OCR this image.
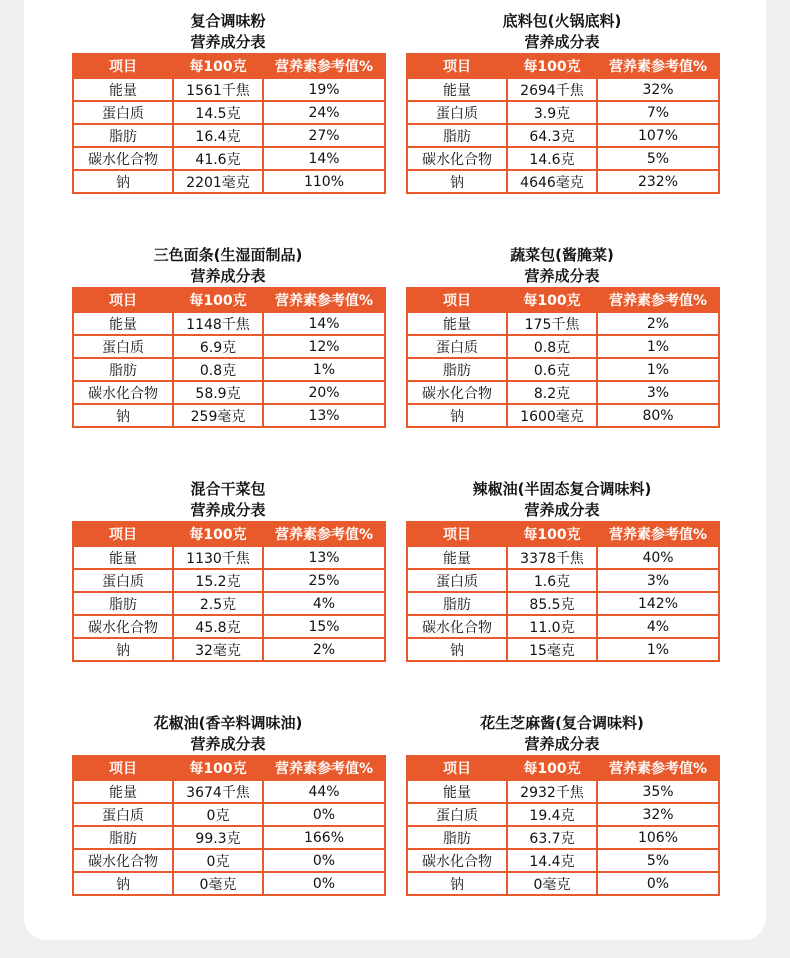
复合调味粉
营养成分表
项目	每100克	营养素参考值%
能量	1561千焦	19%
蛋白质	14.5克	24%
脂肪	16.4克	27%
碳水化合物	41.6克	14%
钠	2201毫克	110%
底料包(火锅底料)
营养成分表
项目	每100克	营养素参考值%
能量	2694千焦	32%
蛋白质	3.9克	7%
脂肪	64.3克	107%
碳水化合物	14.6克	5%
钠	4646毫克	232%
三色面条(生湿面制品)
营养成分表
项目	每100克	营养素参考值%
能量	1148千焦	14%
蛋白质	6.9克	12%
脂肪	0.8克	1%
碳水化合物	58.9克	20%
钠	259毫克	13%
蔬菜包(酱腌菜)
营养成分表
项目	每100克	营养素参考值%
能量	175千焦	2%
蛋白质	0.8克	1%
脂肪	0.6克	1%
碳水化合物	8.2克	3%
钠	1600毫克	80%
混合干菜包
营养成分表
项目	每100克	营养素参考值%
能量	1130千焦	13%
蛋白质	15.2克	25%
脂肪	2.5克	4%
碳水化合物	45.8克	15%
钠	32毫克	2%
辣椒油(半固态复合调味料)
营养成分表
项目	每100克	营养素参考值%
能量	3378千焦	40%
蛋白质	1.6克	3%
脂肪	85.5克	142%
碳水化合物	11.0克	4%
钠	15毫克	1%
花椒油(香辛料调味油)
营养成分表
项目	每100克	营养素参考值%
能量	3674千焦	44%
蛋白质	0克	0%
脂肪	99.3克	166%
碳水化合物	0克	0%
钠	0毫克	0%
花生芝麻酱(复合调味料)
营养成分表
项目	每100克	营养素参考值%
能量	2932千焦	35%
蛋白质	19.4克	32%
脂肪	63.7克	106%
碳水化合物	14.4克	5%
钠	0毫克	0%
